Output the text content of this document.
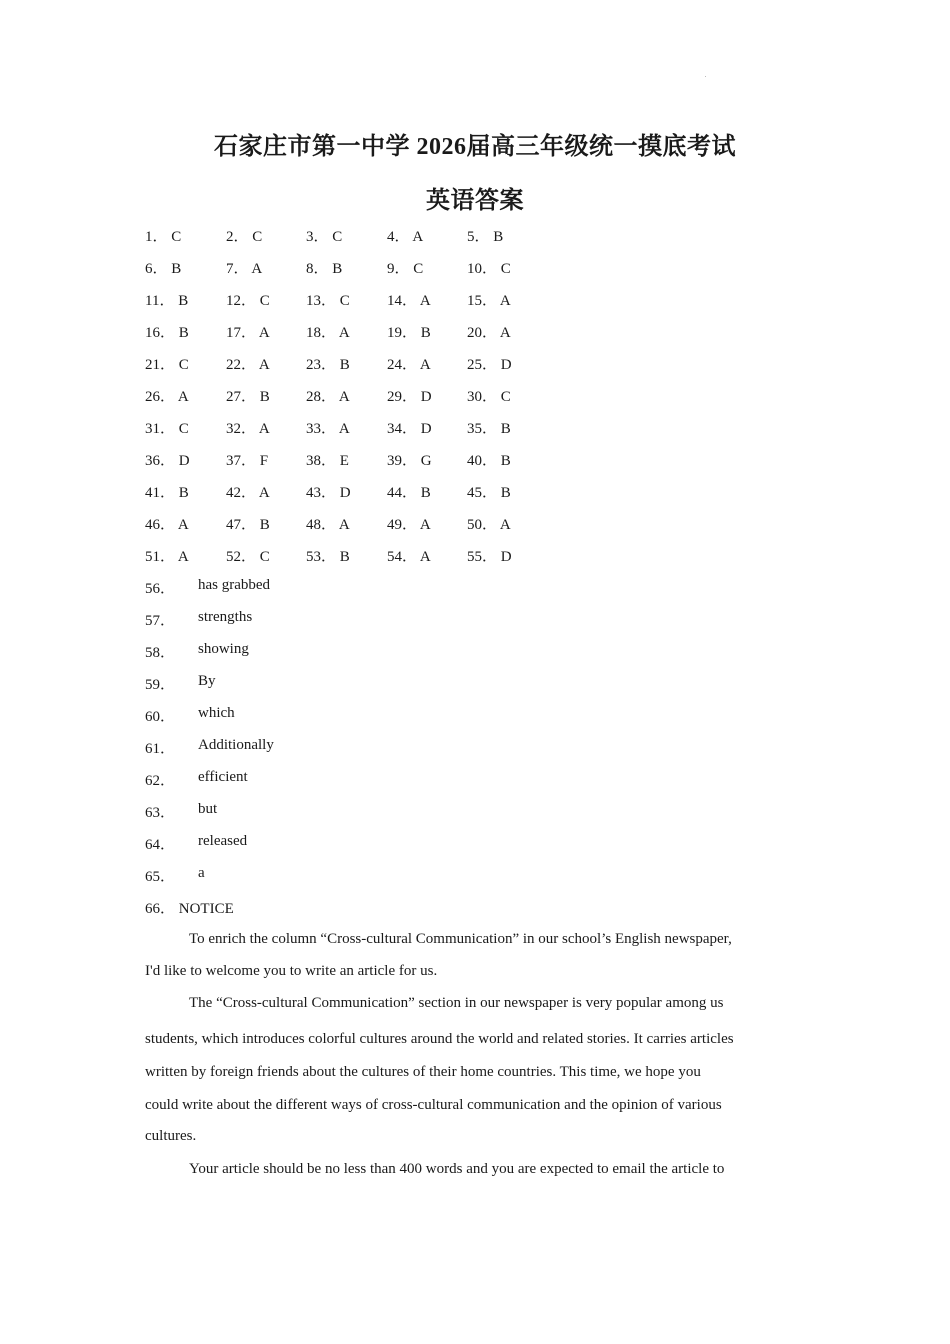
石家庄市第一中学 2026届高三年级统一摸底考试
英语答案
1． C	2． C	3． C	4． A	5． B
6． B	7． A	8． B	9． C	10． C
11． B	12． C 13． C 14． A 15． A
16． B 17． A 18． A 19． B 20． A
21． C 22． A 23． B 24． A 25． D
26． A 27． B 28． A 29． D 30． C
31． C 32． A 33． A 34． D 35． B
36． D 37． F	38． E	39． G 40． B
41． B 42． A 43． D 44． B 45． B
46． A 47． B 48． A 49． A 50． A
51． A 52． C 53． B 54． A 55． D
56． has grabbed
57． strengths
58． showing
59． By
60． which
61． Additionally
62． efficient
63． but
64． released
65． a
66． NOTICE
To enrich the column “Cross-cultural Communication” in our school’s English newspaper,
I'd like to welcome you to write an article for us.
The “Cross-cultural Communication” section in our newspaper is very popular among us
students, which introduces colorful cultures around the world and related stories. It carries articles
written by foreign friends about the cultures of their home countries. This time, we hope you
could write about the different ways of cross-cultural communication and the opinion of various
cultures.
Your article should be no less than 400 words and you are expected to email the article to
